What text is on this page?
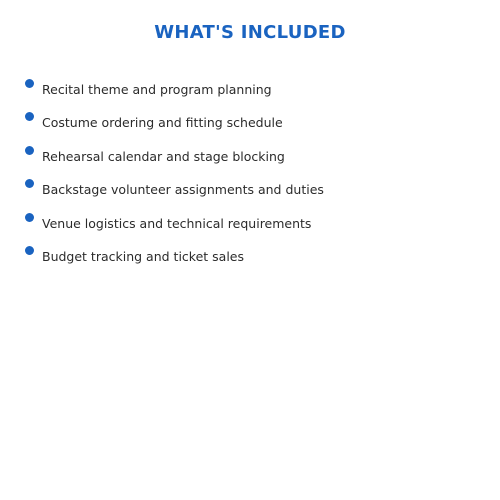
WHAT'S INCLUDED
Recital theme and program planning
Costume ordering and fitting schedule
Rehearsal calendar and stage blocking
Backstage volunteer assignments and duties
Venue logistics and technical requirements
Budget tracking and ticket sales
